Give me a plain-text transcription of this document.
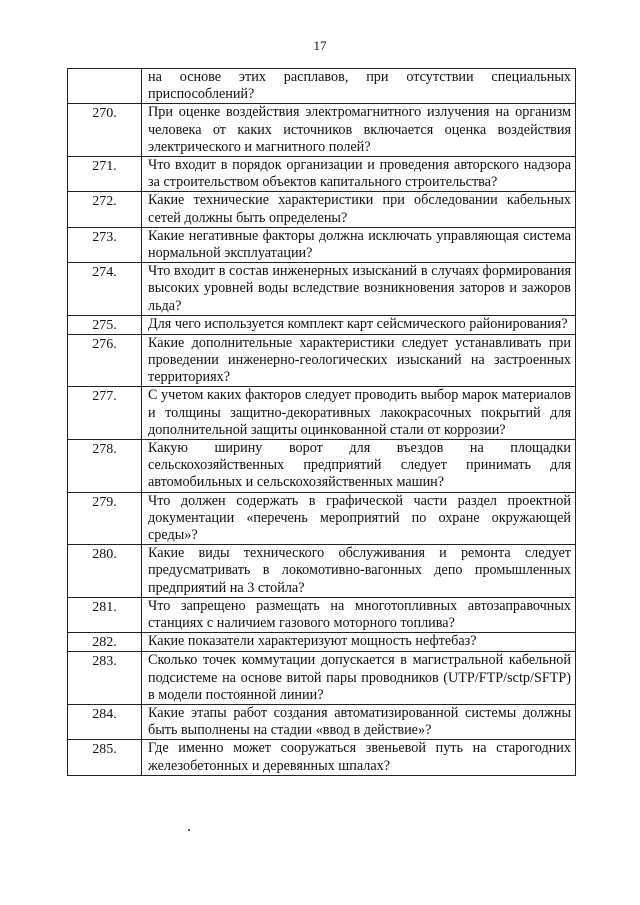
17
	на основе этих расплавов, при отсутствии специальных приспособлений?
270.	При оценке воздействия электромагнитного излучения на организм человека от каких источников включается оценка воздействия электрического и магнитного полей?
271.	Что входит в порядок организации и проведения авторского надзора за строительством объектов капитального строительства?
272.	Какие технические характеристики при обследовании кабельных сетей должны быть определены?
273.	Какие негативные факторы должна исключать управляющая система нормальной эксплуатации?
274.	Что входит в состав инженерных изысканий в случаях формирования высоких уровней воды вследствие возникновения заторов и зажоров льда?
275.	Для чего используется комплект карт сейсмического районирования?
276.	Какие дополнительные характеристики следует устанавливать при проведении инженерно-геологических изысканий на застроенных территориях?
277.	С учетом каких факторов следует проводить выбор марок материалов и толщины защитно-декоративных лакокрасочных покрытий для дополнительной защиты оцинкованной стали от коррозии?
278.	Какую ширину ворот для въездов на площадки сельскохозяйственных предприятий следует принимать для автомобильных и сельскохозяйственных машин?
279.	Что должен содержать в графической части раздел проектной документации «перечень мероприятий по охране окружающей среды»?
280.	Какие виды технического обслуживания и ремонта следует предусматривать в локомотивно-вагонных депо промышленных предприятий на 3 стойла?
281.	Что запрещено размещать на многотопливных автозаправочных станциях с наличием газового моторного топлива?
282.	Какие показатели характеризуют мощность нефтебаз?
283.	Сколько точек коммутации допускается в магистральной кабельной подсистеме на основе витой пары проводников (UTP/FTP/sctp/SFTP) в модели постоянной линии?
284.	Какие этапы работ создания автоматизированной системы должны быть выполнены на стадии «ввод в действие»?
285.	Где именно может сооружаться звеньевой путь на старогодних железобетонных и деревянных шпалах?
